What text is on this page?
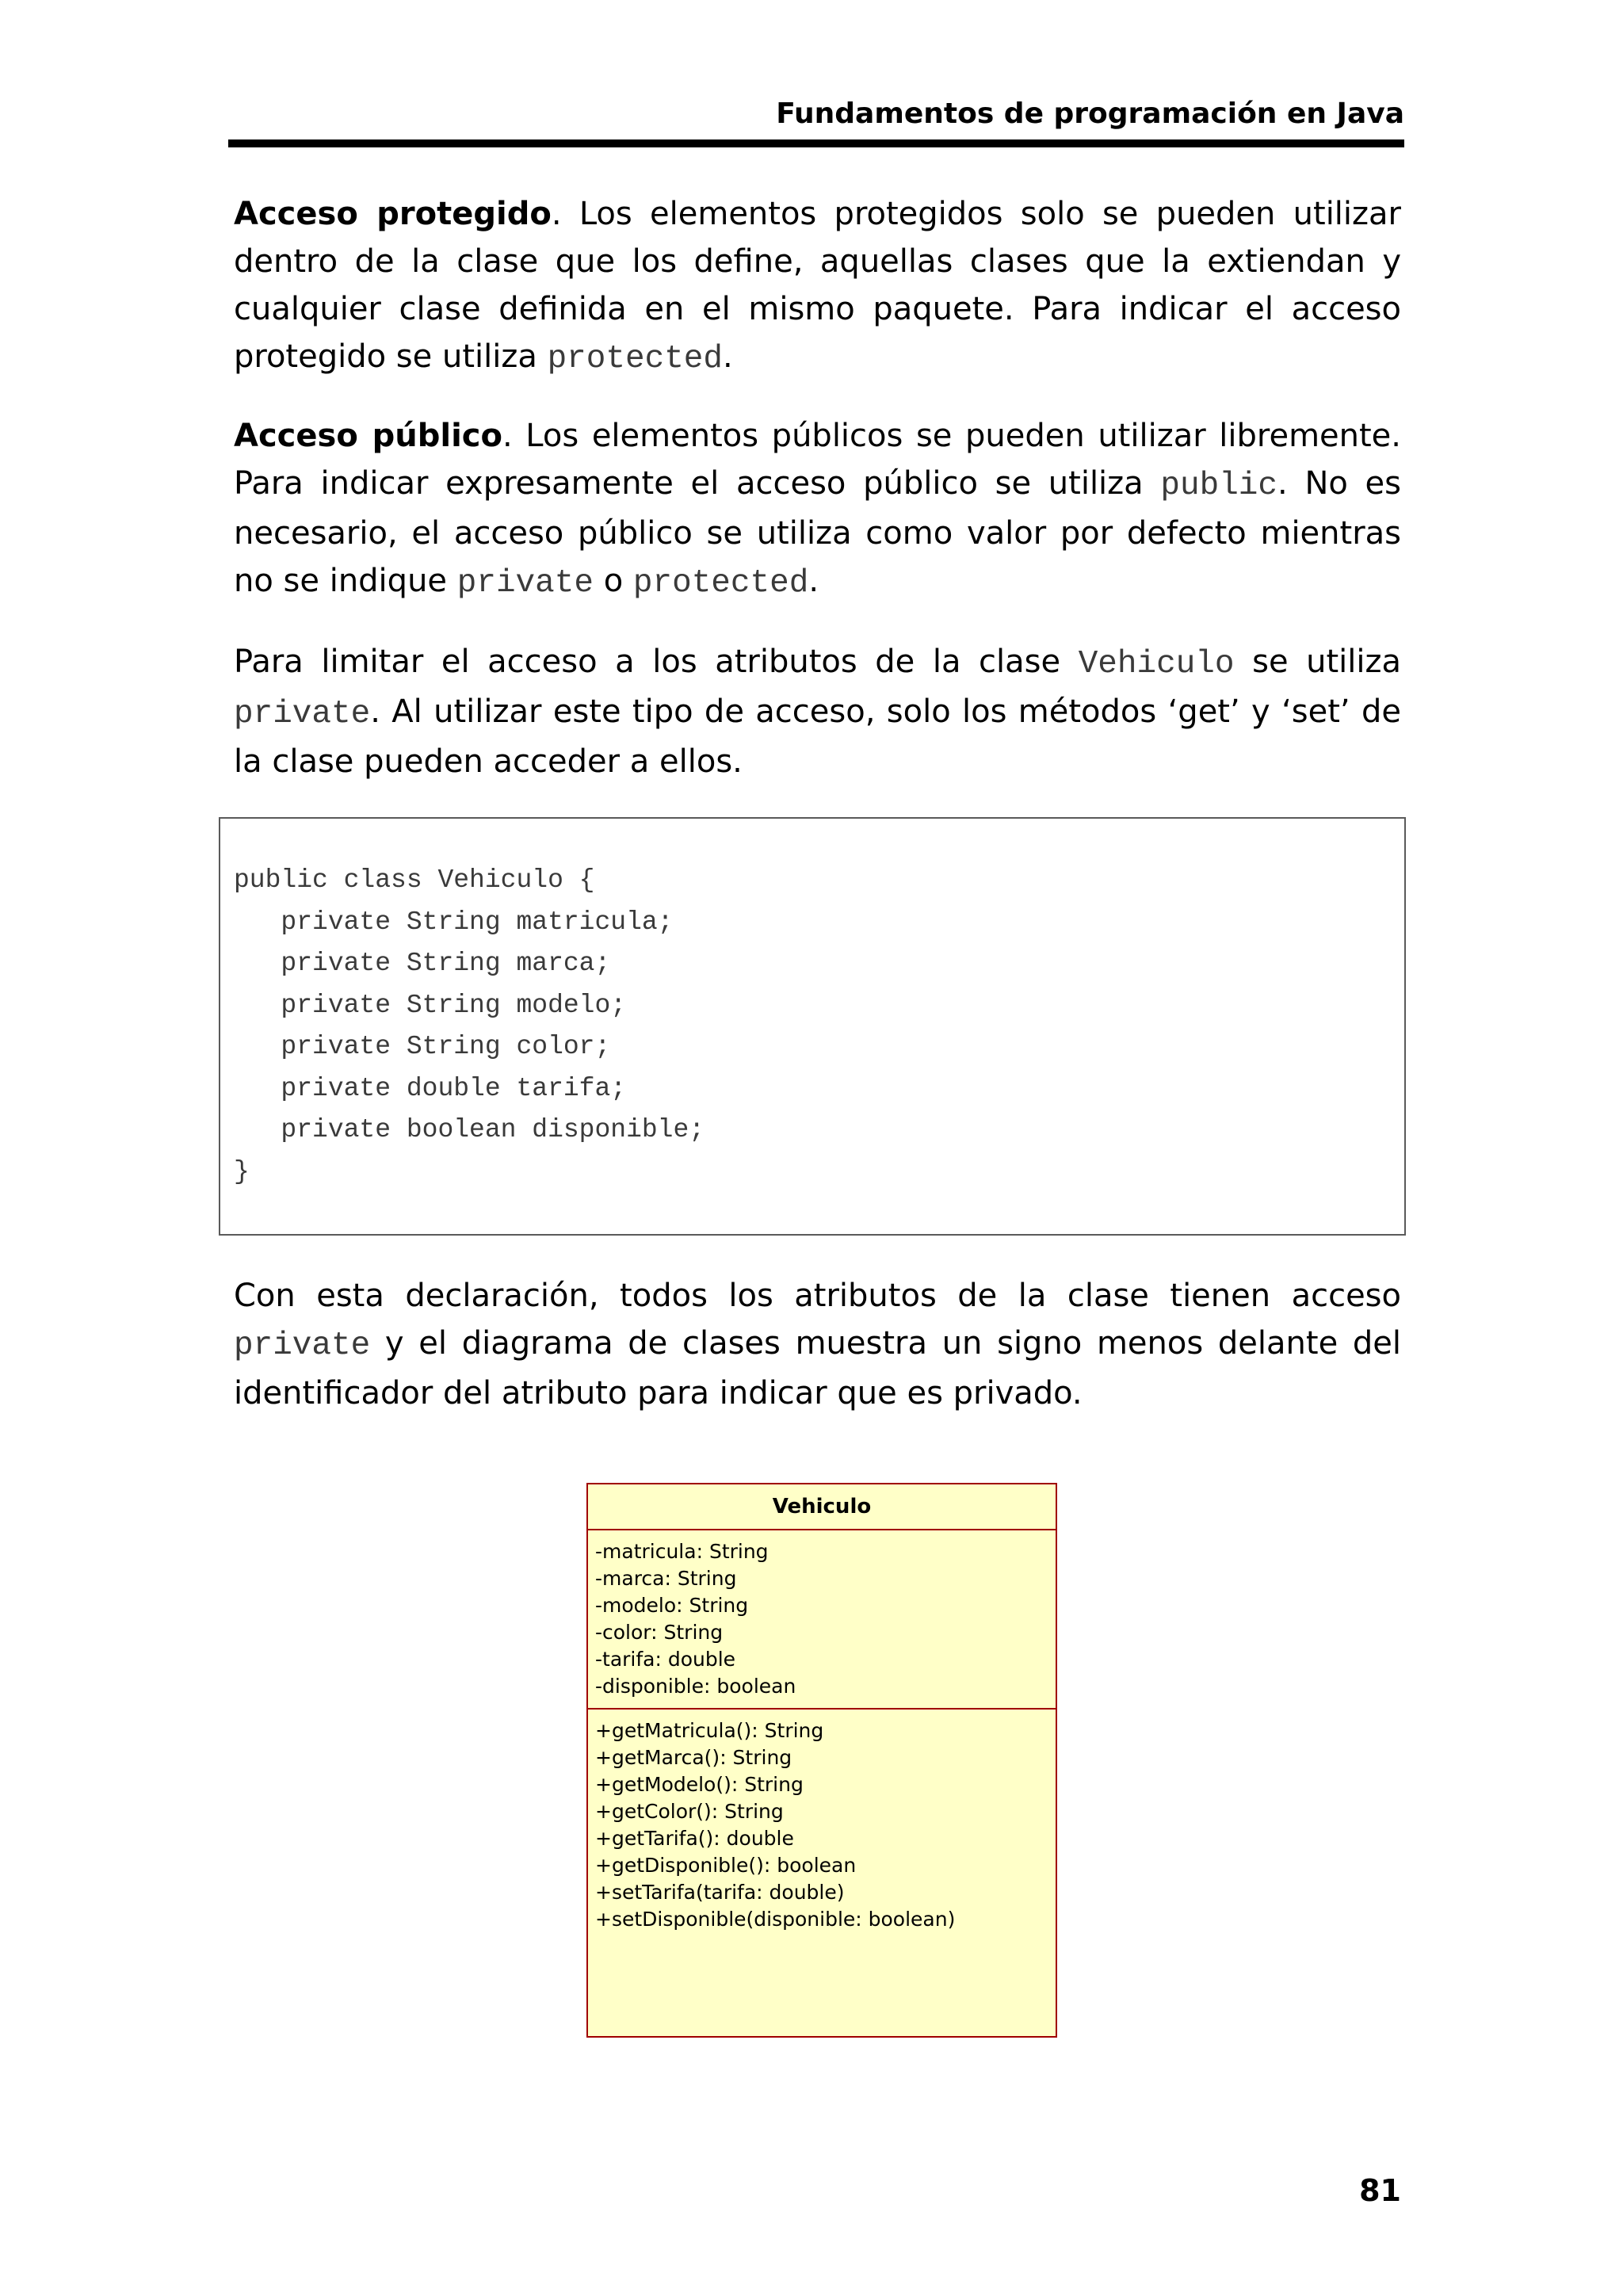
Fundamentos de programación en Java

Acceso protegido. Los elementos protegidos solo se pueden utilizar dentro de la clase que los define, aquellas clases que la extiendan y cualquier clase definida en el mismo paquete. Para indicar el acceso protegido se utiliza protected.

Acceso público. Los elementos públicos se pueden utilizar libremente. Para indicar expresamente el acceso público se utiliza public. No es necesario, el acceso público se utiliza como valor por defecto mientras no se indique private o protected.

Para limitar el acceso a los atributos de la clase Vehiculo se utiliza private. Al utilizar este tipo de acceso, solo los métodos ‘get’ y ‘set’ de la clase pueden acceder a ellos.

public class Vehiculo {
private String matricula;
private String marca;
private String modelo;
private String color;
private double tarifa;
private boolean disponible;
}

Con esta declaración, todos los atributos de la clase tienen acceso private y el diagrama de clases muestra un signo menos delante del identificador del atributo para indicar que es privado.

Vehiculo
-matricula: String
-marca: String
-modelo: String
-color: String
-tarifa: double
-disponible: boolean
+getMatricula(): String
+getMarca(): String
+getModelo(): String
+getColor(): String
+getTarifa(): double
+getDisponible(): boolean
+setTarifa(tarifa: double)
+setDisponible(disponible: boolean)
81
